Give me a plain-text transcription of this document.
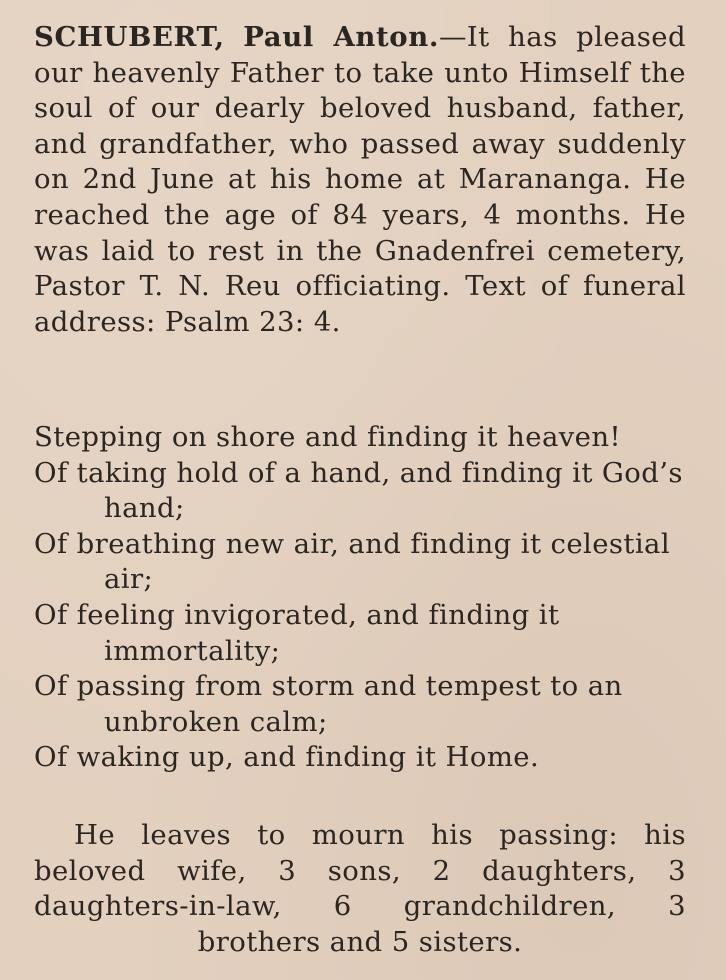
SCHUBERT, Paul Anton.—It has pleased our heavenly Father to take unto Himself the soul of our dearly beloved husband, father, and grandfather, who passed away suddenly on 2nd June at his home at Marananga. He reached the age of 84 years, 4 months. He was laid to rest in the Gnadenfrei cemetery, Pastor T. N. Reu officiating. Text of funeral address: Psalm 23: 4.

Stepping on shore and finding it heaven!

Of taking hold of a hand, and finding it God’s hand;

Of breathing new air, and finding it celestial air;

Of feeling invigorated, and finding it immortality;

Of passing from storm and tempest to an unbroken calm;

Of waking up, and finding it Home.

He leaves to mourn his passing: his beloved wife, 3 sons, 2 daughters, 3 daughters-in-law, 6 grandchildren, 3 brothers and 5 sisters.
